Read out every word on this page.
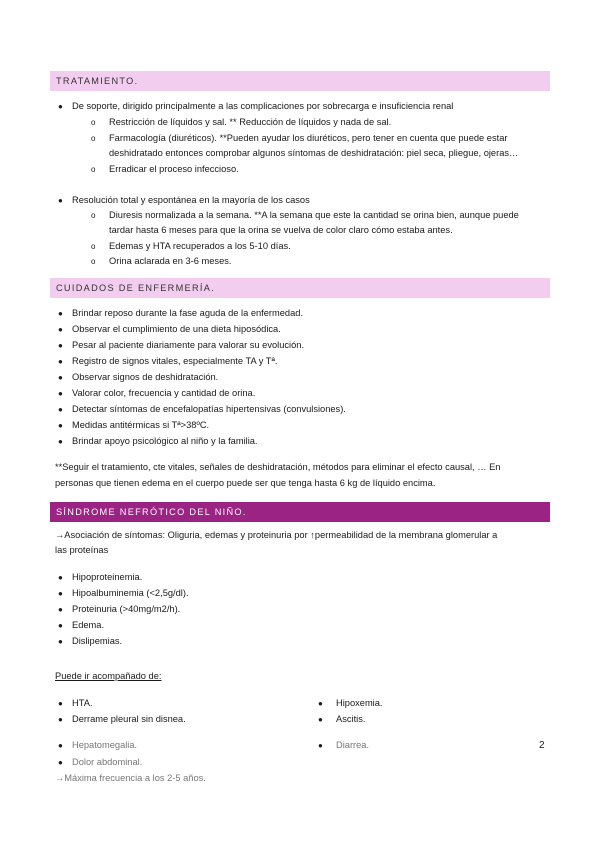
TRATAMIENTO.
● De soporte, dirigido principalmente a las complicaciones por sobrecarga e insuficiencia renal
o Restricción de líquidos y sal. ** Reducción de líquidos y nada de sal.
o Farmacología (diuréticos). **Pueden ayudar los diuréticos, pero tener en cuenta que puede estar
deshidratado entonces comprobar algunos síntomas de deshidratación: piel seca, pliegue, ojeras…
o Erradicar el proceso infeccioso.
● Resolución total y espontánea en la mayoría de los casos
o Diuresis normalizada a la semana. **A la semana que este la cantidad se orina bien, aunque puede
tardar hasta 6 meses para que la orina se vuelva de color claro cómo estaba antes.
o Edemas y HTA recuperados a los 5-10 días.
o Orina aclarada en 3-6 meses.
CUIDADOS DE ENFERMERÍA.
● Brindar reposo durante la fase aguda de la enfermedad.
● Observar el cumplimiento de una dieta hiposódica.
● Pesar al paciente diariamente para valorar su evolución.
● Registro de signos vitales, especialmente TA y Tª.
● Observar signos de deshidratación.
● Valorar color, frecuencia y cantidad de orina.
● Detectar síntomas de encefalopatías hipertensivas (convulsiones).
● Medidas antitérmicas si Tª>38ºC.
● Brindar apoyo psicológico al niño y la familia.
**Seguir el tratamiento, cte vitales, señales de deshidratación, métodos para eliminar el efecto causal, … En
personas que tienen edema en el cuerpo puede ser que tenga hasta 6 kg de líquido encima.
SÍNDROME NEFRÓTICO DEL NIÑO.
→Asociación de síntomas: Oliguria, edemas y proteinuria por ↑permeabilidad de la membrana glomerular a
las proteínas
● Hipoproteinemia.
● Hipoalbuminemia (<2,5g/dl).
● Proteinuria (>40mg/m2/h).
● Edema.
● Dislipemias.
Puede ir acompañado de:
● HTA.
● Derrame pleural sin disnea.
● Hipoxemia.
● Ascitis.
● Hepatomegalia.	● Diarrea.	2
● Dolor abdominal.
→Máxima frecuencia a los 2-5 años.
